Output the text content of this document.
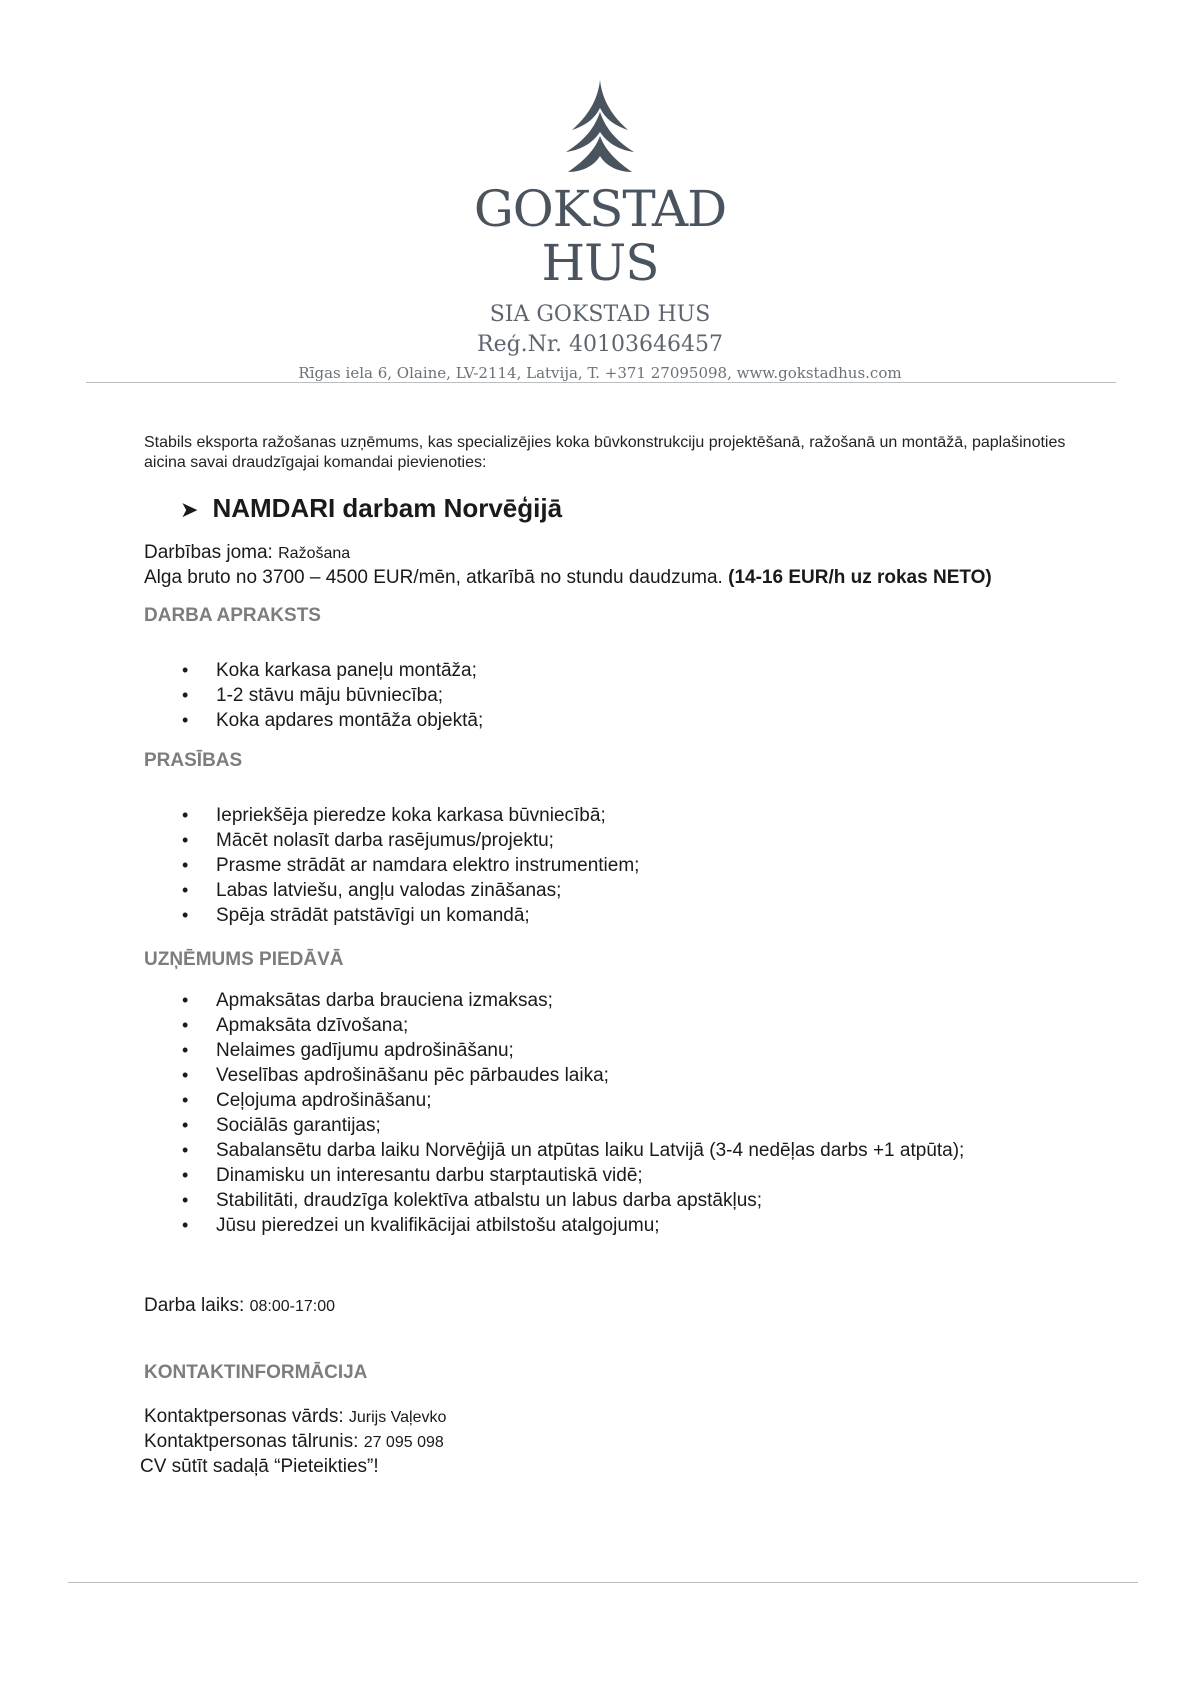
GOKSTAD
HUS
SIA GOKSTAD HUS
Reģ.Nr. 40103646457
Rīgas iela 6, Olaine, LV-2114, Latvija, T. +371 27095098, www.gokstadhus.com

Stabils eksporta ražošanas uzņēmums, kas specializējies koka būvkonstrukciju projektēšanā, ražošanā un montāžā, paplašinoties aicina savai draudzīgajai komandai pievienoties:

➤ NAMDARI darbam Norvēģijā

Darbības joma: Ražošana

Alga bruto no 3700 – 4500 EUR/mēn, atkarībā no stundu daudzuma. (14-16 EUR/h uz rokas NETO)

DARBA APRAKSTS
• Koka karkasa paneļu montāža;
• 1-2 stāvu māju būvniecība;
• Koka apdares montāža objektā;
PRASĪBAS
• Iepriekšēja pieredze koka karkasa būvniecībā;
• Mācēt nolasīt darba rasējumus/projektu;
• Prasme strādāt ar namdara elektro instrumentiem;
• Labas latviešu, angļu valodas zināšanas;
• Spēja strādāt patstāvīgi un komandā;
UZŅĒMUMS PIEDĀVĀ
• Apmaksātas darba brauciena izmaksas;
• Apmaksāta dzīvošana;
• Nelaimes gadījumu apdrošināšanu;
• Veselības apdrošināšanu pēc pārbaudes laika;
• Ceļojuma apdrošināšanu;
• Sociālās garantijas;
• Sabalansētu darba laiku Norvēģijā un atpūtas laiku Latvijā (3-4 nedēļas darbs +1 atpūta);
• Dinamisku un interesantu darbu starptautiskā vidē;
• Stabilitāti, draudzīga kolektīva atbalstu un labus darba apstākļus;
• Jūsu pieredzei un kvalifikācijai atbilstošu atalgojumu;

Darba laiks: 08:00-17:00

KONTAKTINFORMĀCIJA

Kontaktpersonas vārds: Jurijs Vaļevko

Kontaktpersonas tālrunis: 27 095 098

CV sūtīt sadaļā “Pieteikties”!
